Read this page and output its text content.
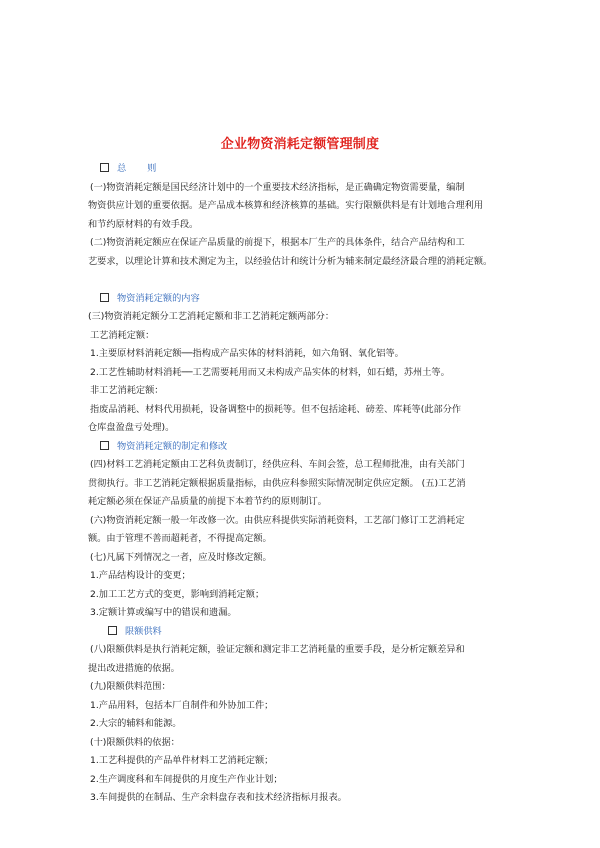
企业物资消耗定额管理制度

总 则

(一)物资消耗定额是国民经济计划中的一个重要技术经济指标，是正确确定物资需要量，编制

物资供应计划的重要依据。是产品成本核算和经济核算的基础。实行限额供料是有计划地合理利用

和节约原材料的有效手段。

(二)物资消耗定额应在保证产品质量的前提下，根据本厂生产的具体条件，结合产品结构和工

艺要求，以理论计算和技术测定为主，以经验估计和统计分析为辅来制定最经济最合理的消耗定额。

物资消耗定额的内容

(三)物资消耗定额分工艺消耗定额和非工艺消耗定额两部分：

工艺消耗定额：

1.主要原材料消耗定额──指构成产品实体的材料消耗，如六角钢、氧化铝等。

2.工艺性辅助材料消耗──工艺需要耗用而又未构成产品实体的材料，如石蜡，苏州土等。

非工艺消耗定额：

指废品消耗、材料代用损耗，设备调整中的损耗等。但不包括途耗、磅差、库耗等(此部分作

仓库盘盈盘亏处理)。

物资消耗定额的制定和修改

(四)材料工艺消耗定额由工艺科负责制订，经供应科、车间会签，总工程师批准，由有关部门

贯彻执行。非工艺消耗定额根据质量指标，由供应科参照实际情况制定供应定额。 (五)工艺消

耗定额必须在保证产品质量的前提下本着节约的原则制订。

(六)物资消耗定额一般一年改修一次。由供应科提供实际消耗资料，工艺部门修订工艺消耗定

额。由于管理不善而超耗者，不得提高定额。

(七)凡属下列情况之一者，应及时修改定额。

1.产品结构设计的变更；

2.加工工艺方式的变更，影响到消耗定额；

3.定额计算或编写中的错误和遗漏。

限额供料

(八)限额供料是执行消耗定额，验证定额和测定非工艺消耗量的重要手段，是分析定额差异和

提出改进措施的依据。

(九)限额供料范围：

1.产品用料，包括本厂自制件和外协加工件；

2.大宗的辅料和能源。

(十)限额供料的依据：

1.工艺科提供的产品单件材料工艺消耗定额；

2.生产调度科和车间提供的月度生产作业计划；

3.车间提供的在制品、生产余料盘存表和技术经济指标月报表。
